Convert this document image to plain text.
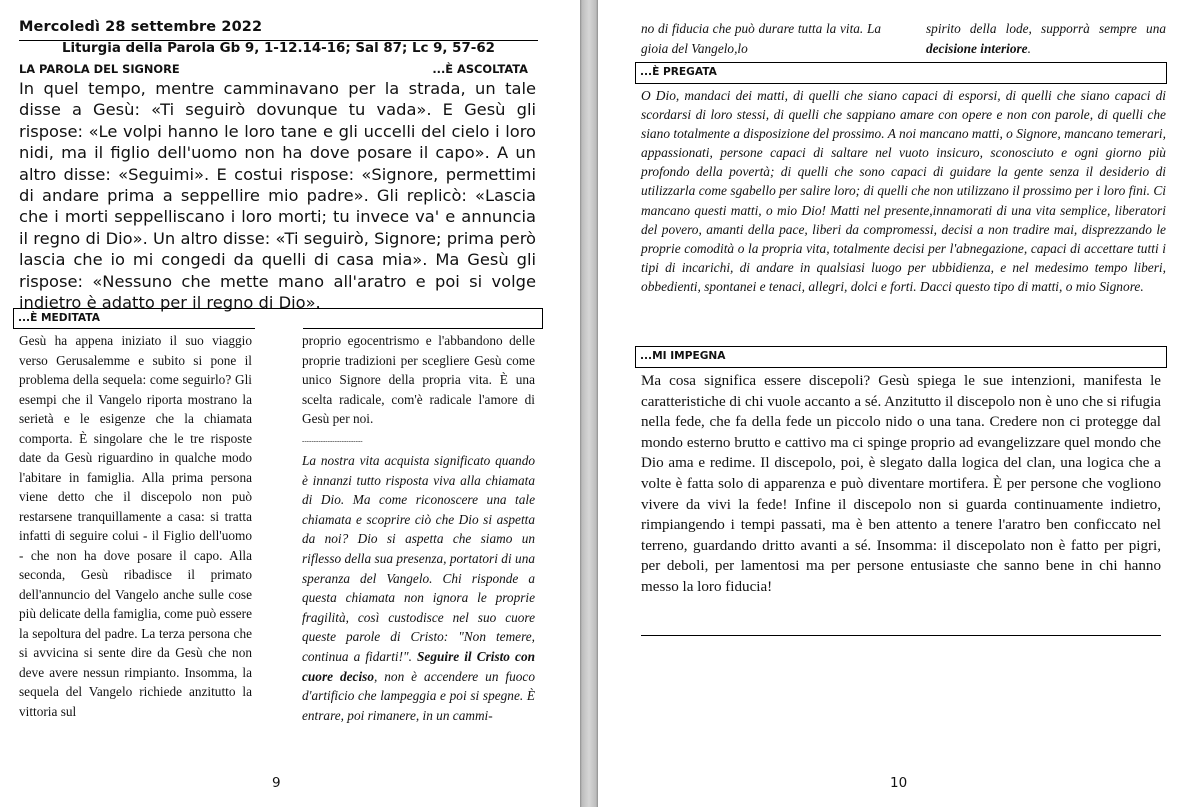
Mercoledì 28 settembre 2022
Liturgia della Parola Gb 9, 1-12.14-16; Sal 87; Lc 9, 57-62
LA PAROLA DEL SIGNORE	...È ASCOLTATA
In quel tempo, mentre camminavano per la strada, un tale disse a Gesù: «Ti seguirò dovunque tu vada». E Gesù gli rispose: «Le volpi hanno le loro tane e gli uccelli del cielo i loro nidi, ma il figlio dell'uomo non ha dove posare il capo». A un altro disse: «Seguimi». E costui rispose: «Signore, permettimi di andare prima a seppellire mio padre». Gli replicò: «Lascia che i morti seppelliscano i loro morti; tu invece va' e annuncia il regno di Dio». Un altro disse: «Ti seguirò, Signore; prima però lascia che io mi congedi da quelli di casa mia». Ma Gesù gli rispose: «Nessuno che mette mano all'aratro e poi si volge indietro è adatto per il regno di Dio».
...È MEDITATA
Gesù ha appena iniziato il suo viaggio verso Gerusalemme e subito si pone il problema della sequela: come seguirlo? Gli esempi che il Vangelo riporta mostrano la serietà e le esigenze che la chiamata comporta. È singolare che le tre risposte date da Gesù riguardino in qualche modo l'abitare in famiglia. Alla prima persona viene detto che il discepolo non può restarsene tranquillamente a casa: si tratta infatti di seguire colui - il Figlio dell'uomo - che non ha dove posare il capo. Alla seconda, Gesù ribadisce il primato dell'annuncio del Vangelo anche sulle cose più delicate della famiglia, come può essere la sepoltura del padre. La terza persona che si avvicina si sente dire da Gesù che non deve avere nessun rimpianto. Insomma, la sequela del Vangelo richiede anzitutto la vittoria sul
proprio egocentrismo e l'abbandono delle proprie tradizioni per scegliere Gesù come unico Signore della propria vita. È una scelta radicale, com'è radicale l'amore di Gesù per noi.
--------------------------
La nostra vita acquista significato quando è innanzi tutto risposta viva alla chiamata di Dio. Ma come riconoscere una tale chiamata e scoprire ciò che Dio si aspetta da noi? Dio si aspetta che siamo un riflesso della sua presenza, portatori di una speranza del Vangelo. Chi risponde a questa chiamata non ignora le proprie fragilità, così custodisce nel suo cuore queste parole di Cristo: "Non temere, continua a fidarti!". Seguire il Cristo con cuore deciso, non è accendere un fuoco d'artificio che lampeggia e poi si spegne. È entrare, poi rimanere, in un cammi-
9
no di fiducia che può durare tutta la vita. La gioia del Vangelo,lo
spirito della lode, supporrà sempre una decisione interiore.
...È PREGATA
O Dio, mandaci dei matti, di quelli che siano capaci di esporsi, di quelli che siano capaci di scordarsi di loro stessi, di quelli che sappiano amare con opere e non con parole, di quelli che siano totalmente a disposizione del prossimo. A noi mancano matti, o Signore, mancano temerari, appassionati, persone capaci di saltare nel vuoto insicuro, sconosciuto e ogni giorno più profondo della povertà; di quelli che sono capaci di guidare la gente senza il desiderio di utilizzarla come sgabello per salire loro; di quelli che non utilizzano il prossimo per i loro fini. Ci mancano questi matti, o mio Dio! Matti nel presente,innamorati di una vita semplice, liberatori del povero, amanti della pace, liberi da compromessi, decisi a non tradire mai, disprezzando le proprie comodità o la propria vita, totalmente decisi per l'abnegazione, capaci di accettare tutti i tipi di incarichi, di andare in qualsiasi luogo per ubbidienza, e nel medesimo tempo liberi, obbedienti, spontanei e tenaci, allegri, dolci e forti. Dacci questo tipo di matti, o mio Signore.
...MI IMPEGNA
Ma cosa significa essere discepoli? Gesù spiega le sue intenzioni, manifesta le caratteristiche di chi vuole accanto a sé. Anzitutto il discepolo non è uno che si rifugia nella fede, che fa della fede un piccolo nido o una tana. Credere non ci protegge dal mondo esterno brutto e cattivo ma ci spinge proprio ad evangelizzare quel mondo che Dio ama e redime. Il discepolo, poi, è slegato dalla logica del clan, una logica che a volte è fatta solo di apparenza e può diventare mortifera. È per persone che vogliono vivere da vivi la fede! Infine il discepolo non si guarda continuamente indietro, rimpiangendo i tempi passati, ma è ben attento a tenere l'aratro ben conficcato nel terreno, guardando dritto avanti a sé. Insomma: il discepolato non è fatto per pigri, per deboli, per lamentosi ma per persone entusiaste che sanno bene in chi hanno messo la loro fiducia!
10
